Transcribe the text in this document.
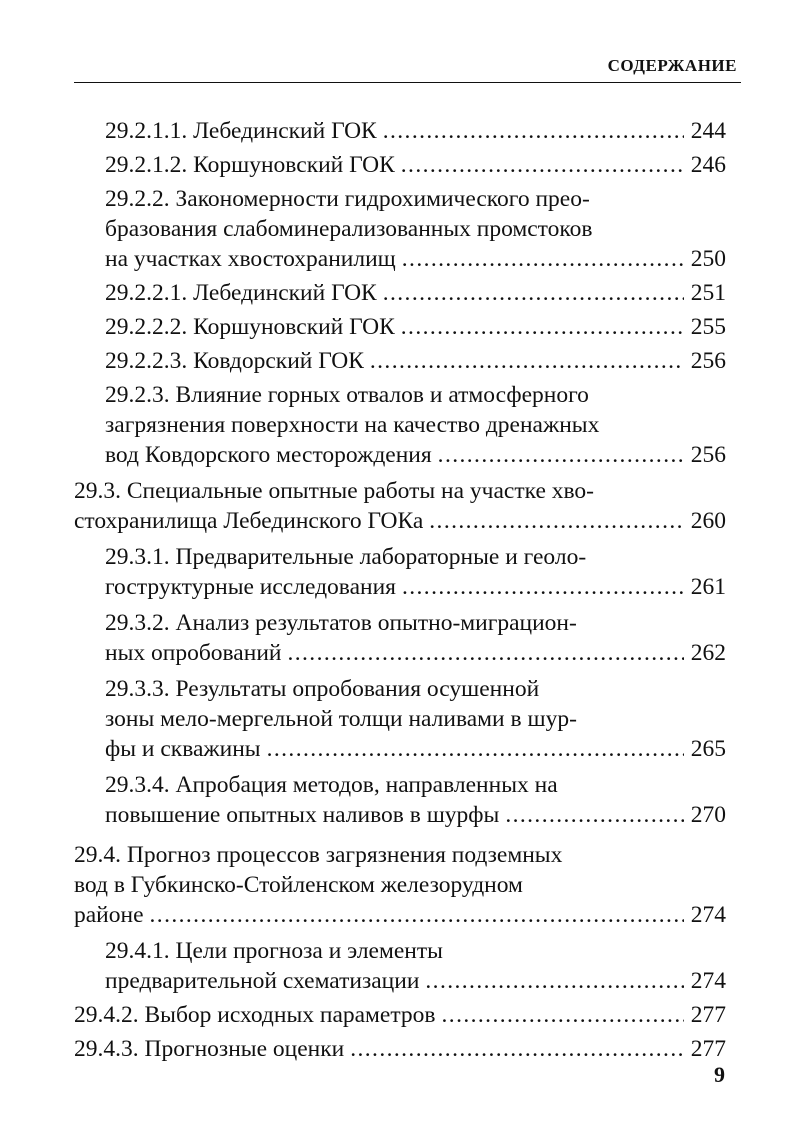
СОДЕРЖАНИЕ
29.2.1.1. Лебединский ГОК .....	244
29.2.1.2. Коршуновский ГОК .....	246
29.2.2. Закономерности гидрохимического прео-
бразования слабоминерализованных промстоков
на участках хвостохранилищ .....	250
29.2.2.1. Лебединский ГОК .....	251
29.2.2.2. Коршуновский ГОК .....	255
29.2.2.3. Ковдорский ГОК .....	256
29.2.3. Влияние горных отвалов и атмосферного
загрязнения поверхности на качество дренажных
вод Ковдорского месторождения .....	256
29.3. Специальные опытные работы на участке хво-
стохранилища Лебединского ГОКа .....	260
29.3.1. Предварительные лабораторные и геоло-
гоструктурные исследования .....	261
29.3.2. Анализ результатов опытно-миграцион-
ных опробований .....	262
29.3.3. Результаты опробования осушенной
зоны мело-мергельной толщи наливами в шур-
фы и скважины .....	265
29.3.4. Апробация методов, направленных на
повышение опытных наливов в шурфы .....	270
29.4. Прогноз процессов загрязнения подземных
вод в Губкинско-Стойленском железорудном
районе .....	274
29.4.1. Цели прогноза и элементы
предварительной схематизации .....	274
29.4.2. Выбор исходных параметров .....	277
29.4.3. Прогнозные оценки .....	277
9
